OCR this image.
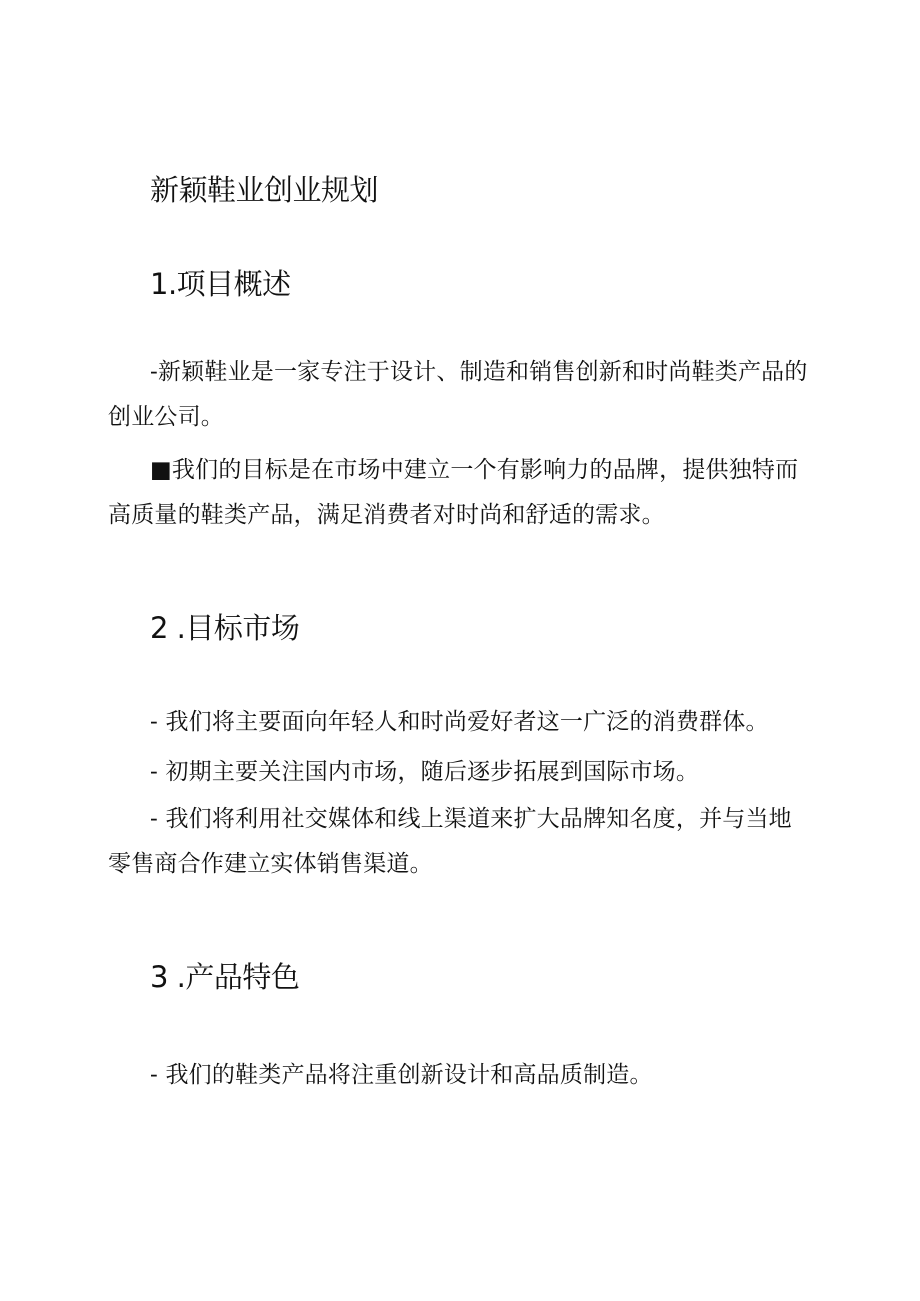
新颖鞋业创业规划
1.项目概述

-新颖鞋业是一家专注于设计、制造和销售创新和时尚鞋类产品的创业公司。

■我们的目标是在市场中建立一个有影响力的品牌，提供独特而高质量的鞋类产品，满足消费者对时尚和舒适的需求。

2 .目标市场

- 我们将主要面向年轻人和时尚爱好者这一广泛的消费群体。

- 初期主要关注国内市场，随后逐步拓展到国际市场。

- 我们将利用社交媒体和线上渠道来扩大品牌知名度，并与当地零售商合作建立实体销售渠道。

3 .产品特色

- 我们的鞋类产品将注重创新设计和高品质制造。
